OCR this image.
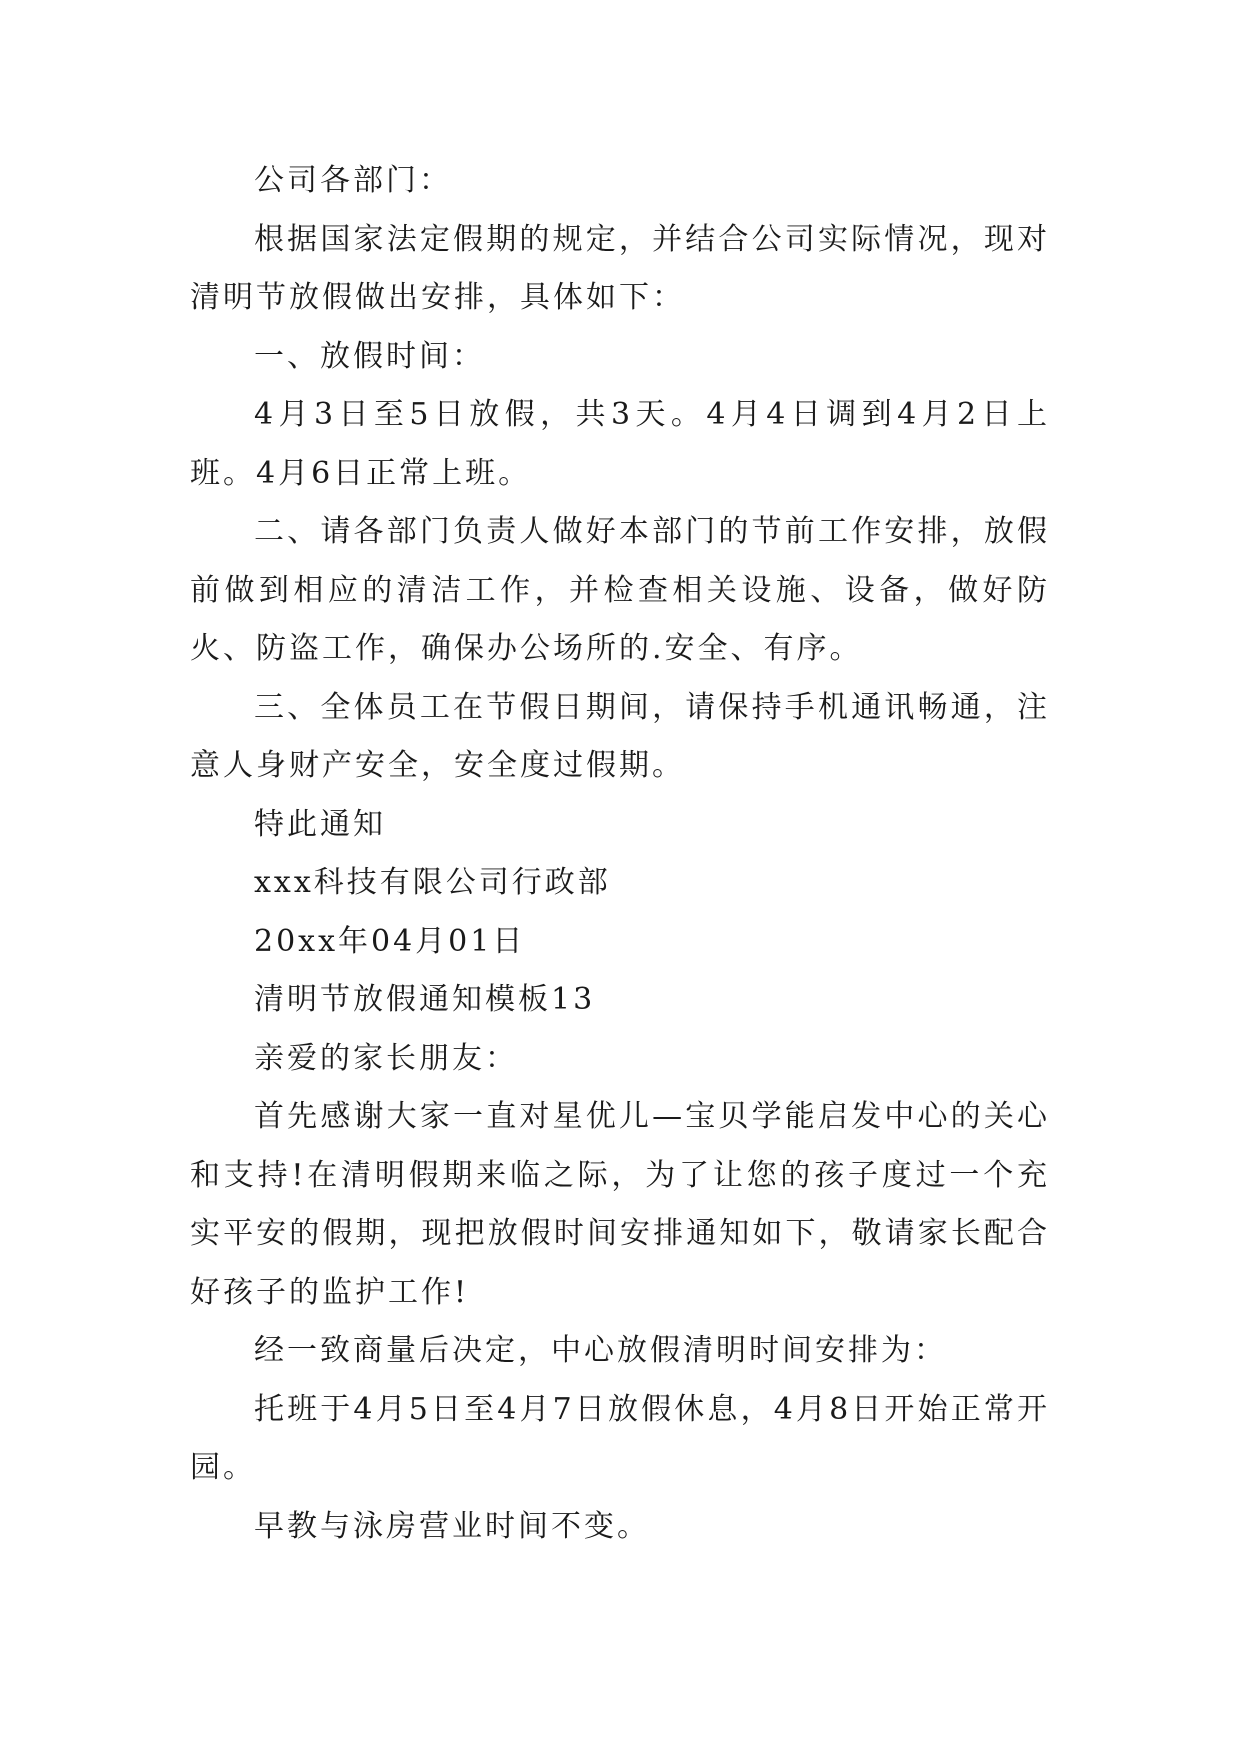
公司各部门：

根据国家法定假期的规定，并结合公司实际情况，现对清明节放假做出安排，具体如下：

一、放假时间：

4月3日至5日放假，共3天。4月4日调到4月2日上班。4月6日正常上班。

二、请各部门负责人做好本部门的节前工作安排，放假前做到相应的清洁工作，并检查相关设施、设备，做好防火、防盗工作，确保办公场所的.安全、有序。

三、全体员工在节假日期间，请保持手机通讯畅通，注意人身财产安全，安全度过假期。

特此通知

xxx科技有限公司行政部

20xx年04月01日

清明节放假通知模板13

亲爱的家长朋友：

首先感谢大家一直对星优儿—宝贝学能启发中心的关心和支持!在清明假期来临之际，为了让您的孩子度过一个充实平安的假期，现把放假时间安排通知如下，敬请家长配合好孩子的监护工作!

经一致商量后决定，中心放假清明时间安排为：

托班于4月5日至4月7日放假休息，4月8日开始正常开园。

早教与泳房营业时间不变。
